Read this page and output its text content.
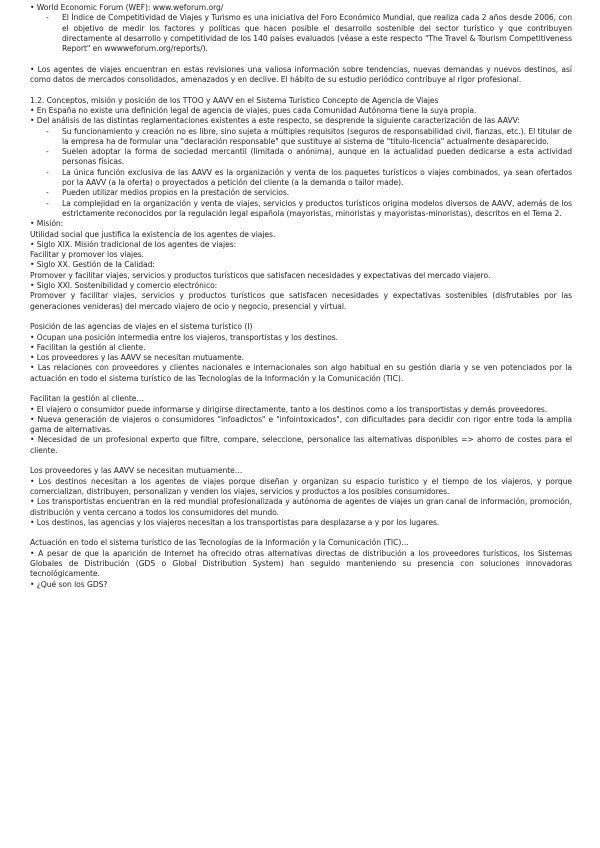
• World Economic Forum (WEF): www.weforum.org/

- El Índice de Competitividad de Viajes y Turismo es una iniciativa del Foro Económico Mundial, que realiza cada 2 años desde 2006, con el objetivo de medir los factores y políticas que hacen posible el desarrollo sostenible del sector turístico y que contribuyen directamente al desarrollo y competitividad de los 140 países evaluados (véase a este respecto "The Travel & Tourism Competitiveness Report" en wwwweforum.org/reports/).

• Los agentes de viajes encuentran en estas revisiones una valiosa información sobre tendencias, nuevas demandas y nuevos destinos, así como datos de mercados consolidados, amenazados y en declive. El hábito de su estudio periódico contribuye al rigor profesional.

1.2. Conceptos, misión y posición de los TTOO y AAVV en el Sistema Turístico Concepto de Agencia de Viajes

• En España no existe una definición legal de agencia de viajes, pues cada Comunidad Autónoma tiene la suya propia.

• Del análisis de las distintas reglamentaciones existentes a este respecto, se desprende la siguiente caracterización de las AAVV:

- Su funcionamiento y creación no es libre, sino sujeta a múltiples requisitos (seguros de responsabilidad civil, fianzas, etc.). El titular de la empresa ha de formular una "declaración responsable" que sustituye al sistema de "título-licencia" actualmente desaparecido.
- Suelen adoptar la forma de sociedad mercantil (limitada o anónima), aunque en la actualidad pueden dedicarse a esta actividad personas físicas.
- La única función exclusiva de las AAVV es la organización y venta de los paquetes turísticos o viajes combinados, ya sean ofertados por la AAVV (a la oferta) o proyectados a petición del cliente (a la demanda o tailor made).
- Pueden utilizar medios propios en la prestación de servicios.
- La complejidad en la organización y venta de viajes, servicios y productos turísticos origina modelos diversos de AAVV, además de los estrictamente reconocidos por la regulación legal española (mayoristas, minoristas y mayoristas-minoristas), descritos en el Tema 2.

• Misión:

Utilidad social que justifica la existencia de los agentes de viajes.

• Siglo XIX. Misión tradicional de los agentes de viajes:

Facilitar y promover los viajes.

• Siglo XX. Gestión de la Calidad:

Promover y facilitar viajes, servicios y productos turísticos que satisfacen necesidades y expectativas del mercado viajero.

• Siglo XXI. Sostenibilidad y comercio electrónico:

Promover y facilitar viajes, servicios y productos turísticos que satisfacen necesidades y expectativas sostenibles (disfrutables por las generaciones venideras) del mercado viajero de ocio y negocio, presencial y virtual.

Posición de las agencias de viajes en el sistema turístico (I)

• Ocupan una posición intermedia entre los viajeros, transportistas y los destinos.

• Facilitan la gestión al cliente.

• Los proveedores y las AAVV se necesitan mutuamente.

• Las relaciones con proveedores y clientes nacionales e internacionales son algo habitual en su gestión diaria y se ven potenciados por la actuación en todo el sistema turístico de las Tecnologías de la Información y la Comunicación (TIC).

Facilitan la gestión al cliente…

• El viajero o consumidor puede informarse y dirigirse directamente, tanto a los destinos como a los transportistas y demás proveedores.

• Nueva generación de viajeros o consumidores "infoadictos" e "infointoxicados", con dificultades para decidir con rigor entre toda la amplia gama de alternativas.

• Necesidad de un profesional experto que filtre, compare, seleccione, personalice las alternativas disponibles => ahorro de costes para el cliente.

Los proveedores y las AAVV se necesitan mutuamente…

• Los destinos necesitan a los agentes de viajes porque diseñan y organizan su espacio turístico y el tiempo de los viajeros, y porque comercializan, distribuyen, personalizan y venden los viajes, servicios y productos a los posibles consumidores.

• Los transportistas encuentran en la red mundial profesionalizada y autónoma de agentes de viajes un gran canal de información, promoción, distribución y venta cercano a todos los consumidores del mundo.

• Los destinos, las agencias y los viajeros necesitan a los transportistas para desplazarse a y por los lugares.

Actuación en todo el sistema turístico de las Tecnologías de la Información y la Comunicación (TIC)…

• A pesar de que la aparición de Internet ha ofrecido otras alternativas directas de distribución a los proveedores turísticos, los Sistemas Globales de Distribución (GDS o Global Distribution System) han seguido manteniendo su presencia con soluciones innovadoras tecnológicamente.

• ¿Qué son los GDS?
